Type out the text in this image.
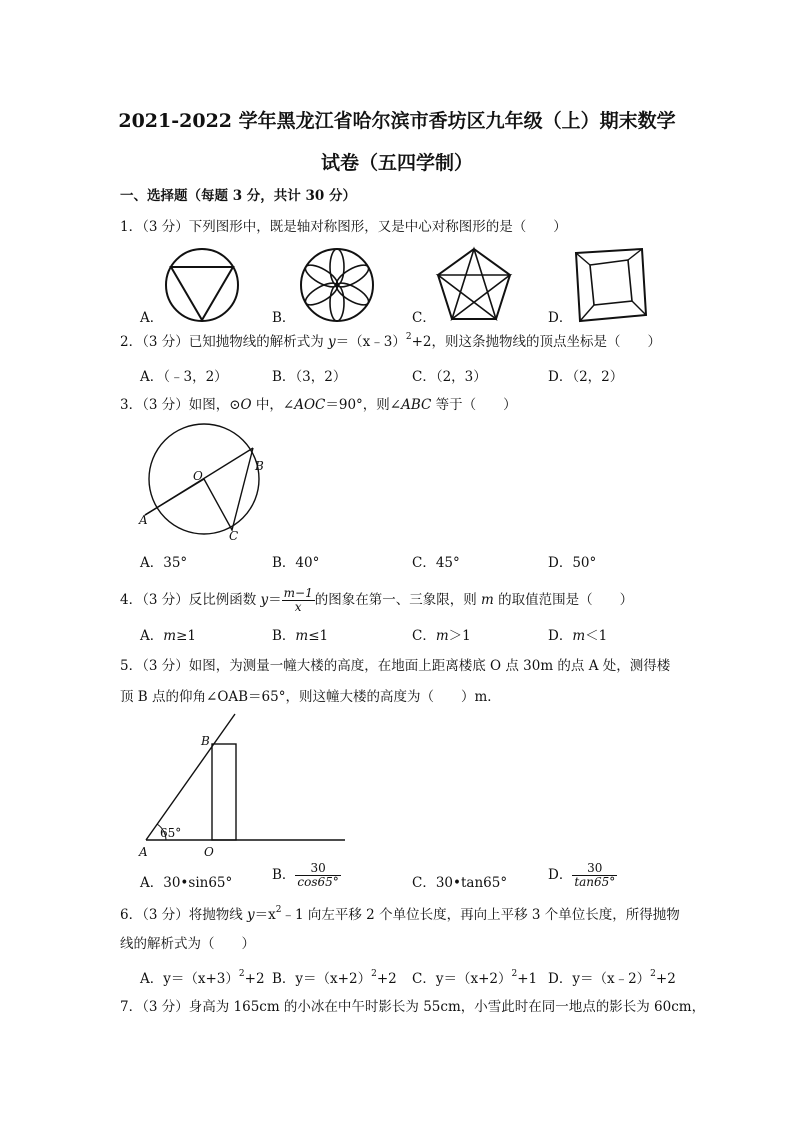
2021-2022 学年黑龙江省哈尔滨市香坊区九年级（上）期末数学
试卷（五四学制）
一、选择题（每题 3 分，共计 30 分）
1．（3 分）下列图形中，既是轴对称图形，又是中心对称图形的是（　　）
A．	B．	C．	D．
2．（3 分）已知抛物线的解析式为 y＝（x﹣3）$^2$+2，则这条抛物线的顶点坐标是（　　）
A．（﹣3，2）	B．（3，2）	C．（2，3）	D．（2，2）
3．（3 分）如图，⊙O 中，∠AOC＝90°，则∠ABC 等于（　　）
O
B
A
C
A．35°	B．40°	C．45°	D．50°
4．（3 分）反比例函数 $y= \frac{m-1}{x}$ 的图象在第一、三象限，则 m 的取值范围是（　　）
A．m≥1	B．m≤1	C．m＞1	D．m＜1
5．（3 分）如图，为测量一幢大楼的高度，在地面上距离楼底 O 点 30m 的点 A 处，测得楼
顶 B 点的仰角∠OAB＝65°，则这幢大楼的高度为（　　）m．
B
65°
A	O
A．30•sin65°	B． $\frac{30}{\cos 65^\circ}$	C．30•tan65°	D． $\frac{30}{\tan 65^\circ}$
6．（3 分）将抛物线 $y=x^2﹣1$ 向左平移 2 个单位长度，再向上平移 3 个单位长度，所得抛物
线的解析式为（　　）
A．$y=(x+3)^2+2$ B．$y=(x+2)^2+2$ C．$y=(x+2)^2+1$ D．y＝（x﹣2）$^2$+2
7．（3 分）身高为 165cm 的小冰在中午时影长为 55cm，小雪此时在同一地点的影长为 60cm，
